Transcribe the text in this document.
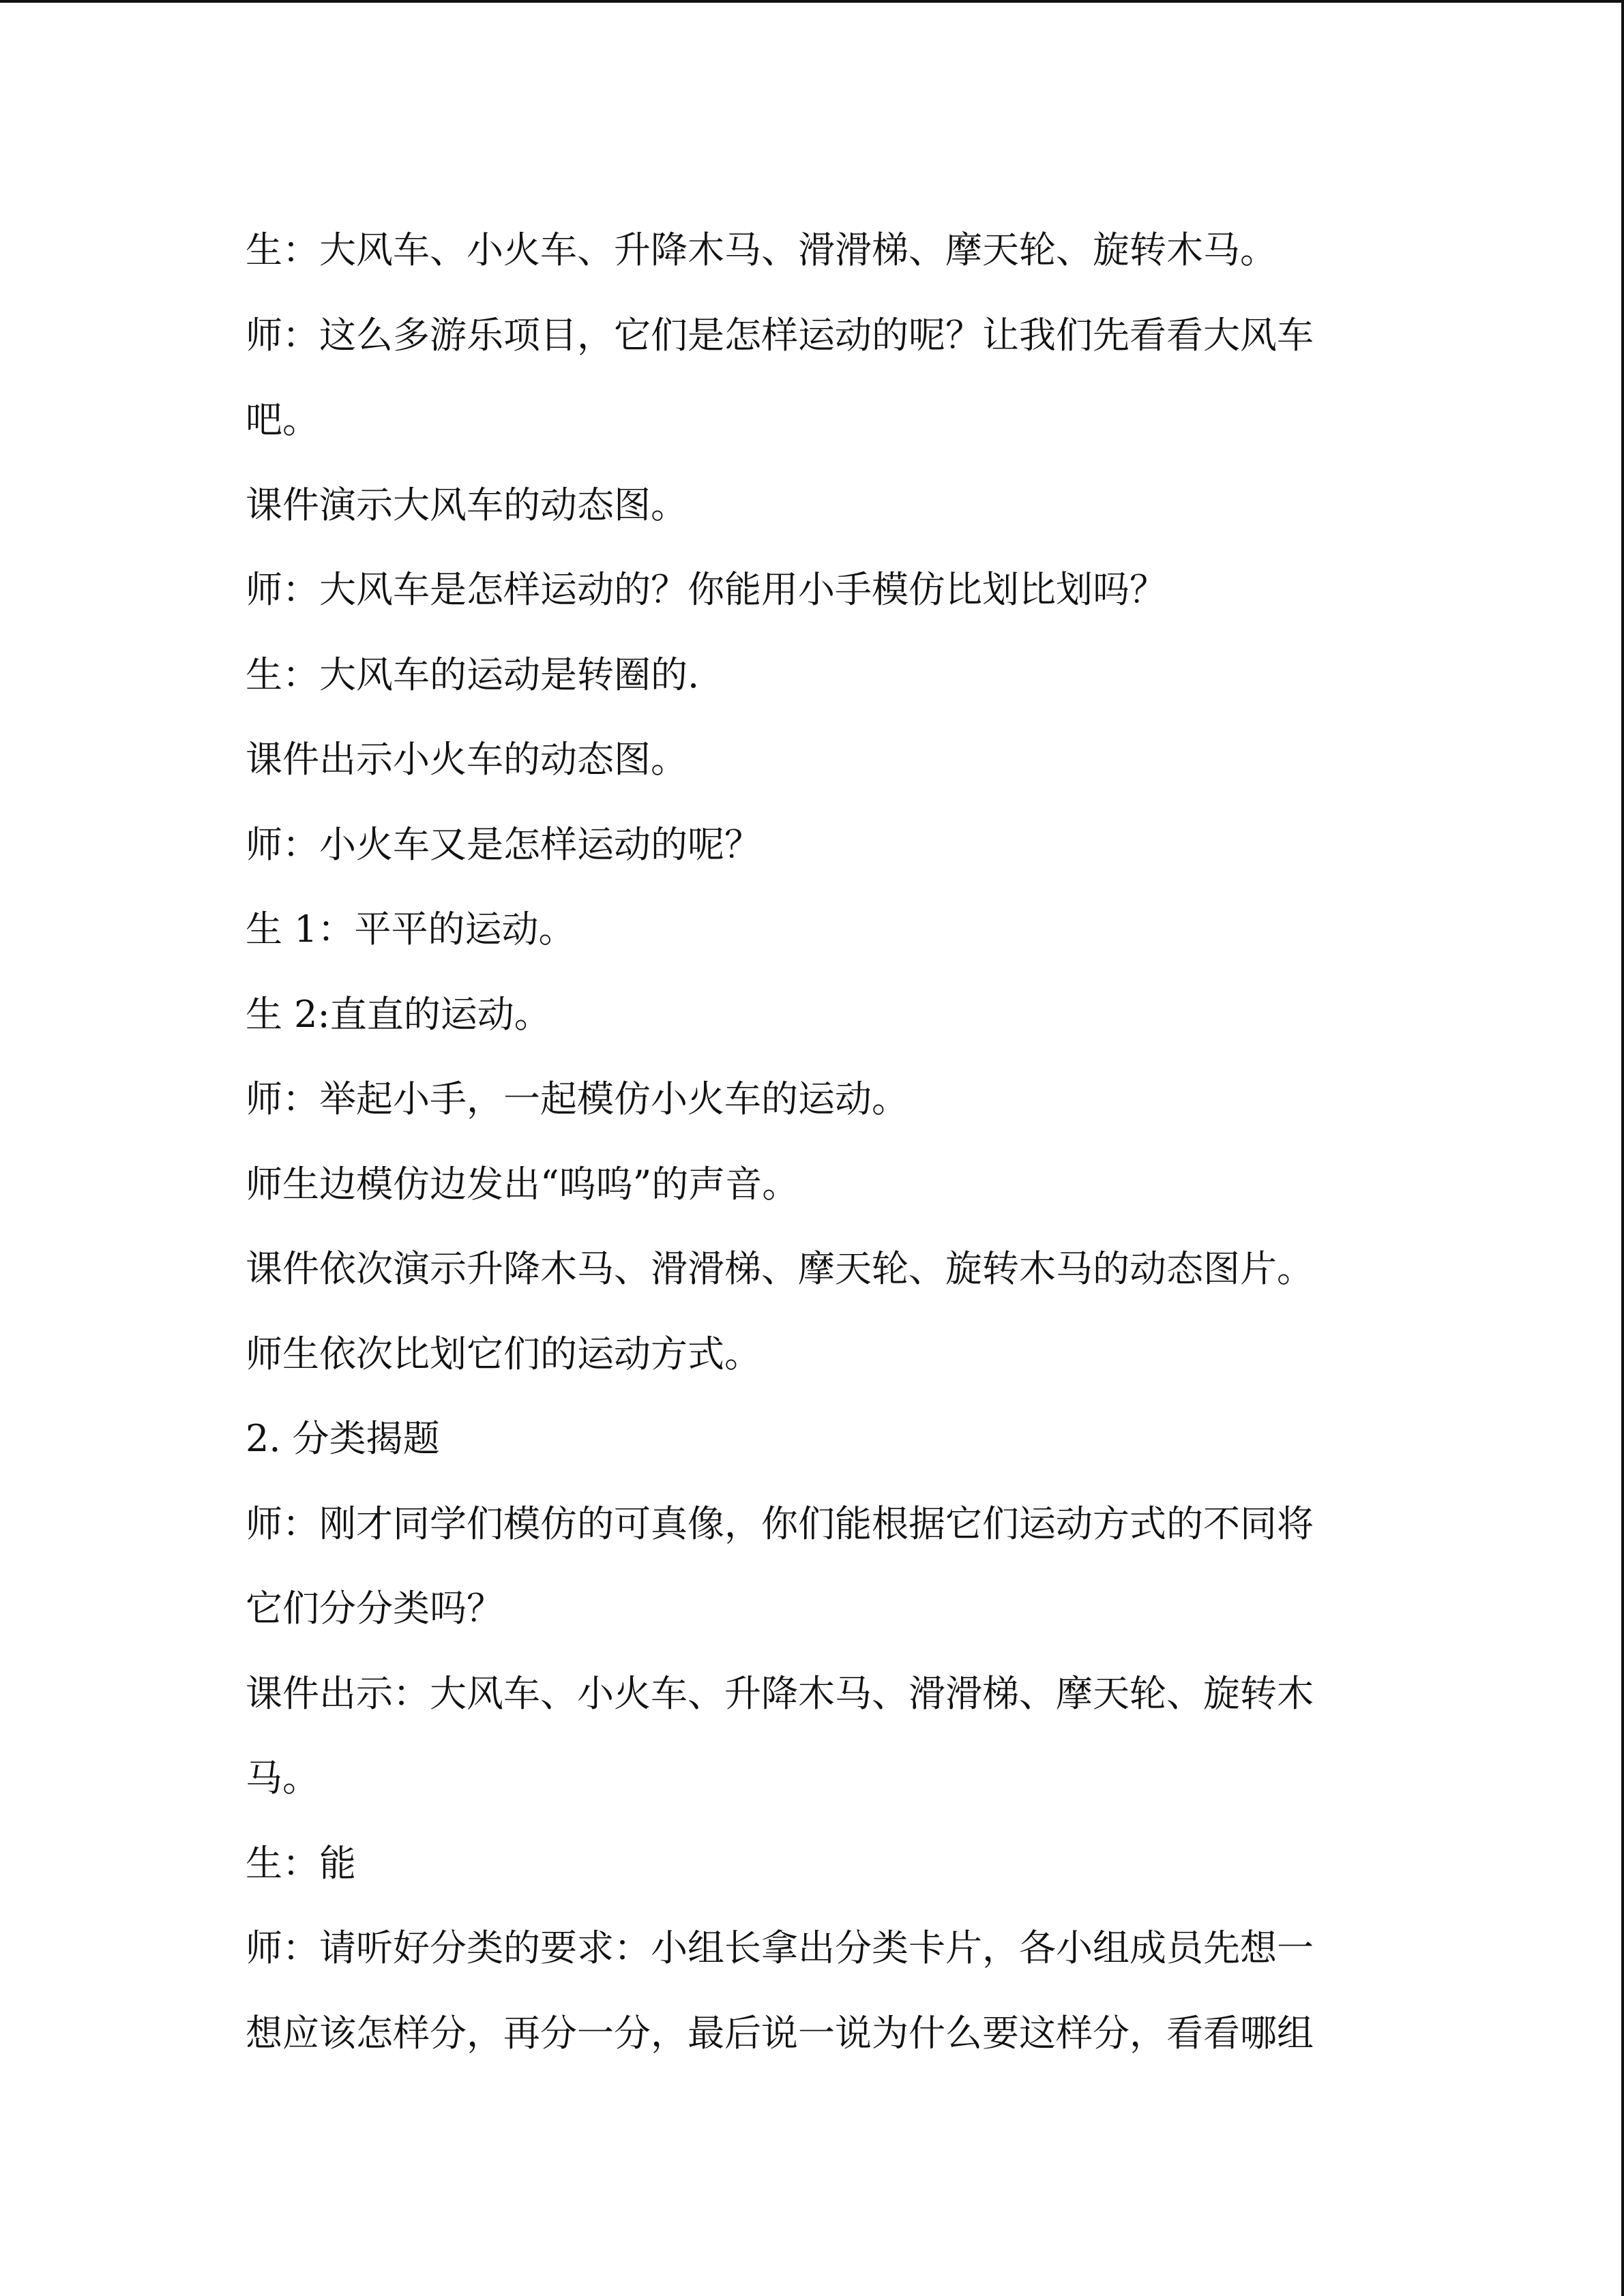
生：大风车、小火车、升降木马、滑滑梯、摩天轮、旋转木马。
师：这么多游乐项目，它们是怎样运动的呢？让我们先看看大风车
吧。
课件演示大风车的动态图。
师：大风车是怎样运动的？你能用小手模仿比划比划吗？
生：大风车的运动是转圈的.
课件出示小火车的动态图。
师：小火车又是怎样运动的呢？
生 1：平平的运动。
生 2:直直的运动。
师：举起小手，一起模仿小火车的运动。
师生边模仿边发出“呜呜”的声音。
课件依次演示升降木马、滑滑梯、摩天轮、旋转木马的动态图片。
师生依次比划它们的运动方式。
2. 分类揭题
师：刚才同学们模仿的可真像，你们能根据它们运动方式的不同将
它们分分类吗？
课件出示：大风车、小火车、升降木马、滑滑梯、摩天轮、旋转木
马。
生：能
师：请听好分类的要求：小组长拿出分类卡片，各小组成员先想一
想应该怎样分，再分一分，最后说一说为什么要这样分，看看哪组
